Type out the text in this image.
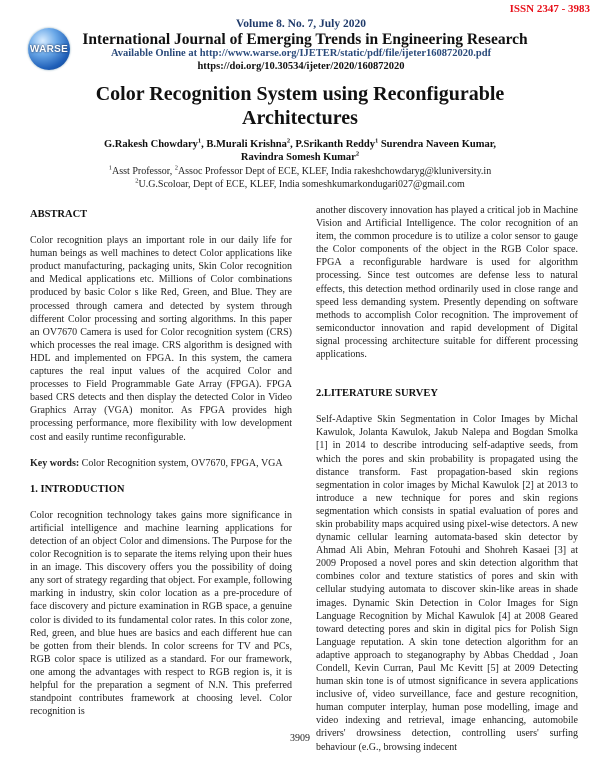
ISSN 2347 - 3983
WARSE
Volume 8. No. 7, July 2020
International Journal of Emerging Trends in Engineering Research
Available Online at http://www.warse.org/IJETER/static/pdf/file/ijeter160872020.pdf
https://doi.org/10.30534/ijeter/2020/160872020
Color Recognition System using Reconfigurable Architectures
G.Rakesh Chowdary$^1$, B.Murali Krishna$^2$, P.Srikanth Reddy$^1$ Surendra Naveen Kumar,
Ravindra Somesh Kumar$^2$
$^1$Asst Professor, $^2$Assoc Professor Dept of ECE, KLEF, India rakeshchowdaryg@kluniversity.in
$^2$U.G.Scoloar, Dept of ECE, KLEF, India someshkumarkondugari027@gmail.com
ABSTRACT

Color recognition plays an important role in our daily life for human beings as well machines to detect Color applications like product manufacturing, packaging units, Skin Color recognition and Medical applications etc. Millions of Color combinations produced by basic Color s like Red, Green, and Blue. They are processed through camera and detected by system through different Color processing and sorting algorithms. In this paper an OV7670 Camera is used for Color recognition system (CRS) which processes the real image. CRS algorithm is designed with HDL and implemented on FPGA. In this system, the camera captures the real input values of the acquired Color and processes to Field Programmable Gate Array (FPGA). FPGA based CRS detects and then display the detected Color in Video Graphics Array (VGA) monitor. As FPGA provides high processing performance, more flexibility with low development cost and easily runtime reconfigurable.

Key words: Color Recognition system, OV7670, FPGA, VGA

1. INTRODUCTION

Color recognition technology takes gains more significance in artificial intelligence and machine learning applications for detection of an object Color and dimensions. The Purpose for the color Recognition is to separate the items relying upon their hues in an image. This discovery offers you the possibility of doing any sort of strategy regarding that object. For example, following marking in industry, skin color location as a pre-procedure of face discovery and picture examination in RGB space, a genuine color is divided to its fundamental color rates. In this color zone, Red, green, and blue hues are basics and each different hue can be gotten from their blends. In color screens for TV and PCs, RGB color space is utilized as a standard. For our framework, one among the advantages with respect to RGB region is, it is helpful for the preparation a segment of N.N. This preferred standpoint contributes framework at choosing level. Color recognition is

another discovery innovation has played a critical job in Machine Vision and Artificial Intelligence. The color recognition of an item, the common procedure is to utilize a color sensor to gauge the Color components of the object in the RGB Color space. FPGA a reconfigurable hardware is used for algorithm processing. Since test outcomes are defense less to natural effects, this detection method ordinarily used in close range and speed less demanding system. Presently depending on software methods to accomplish Color recognition. The improvement of semiconductor innovation and rapid development of Digital signal processing architecture suitable for different processing applications.

2.LITERATURE SURVEY

Self-Adaptive Skin Segmentation in Color Images by Michal Kawulok, Jolanta Kawulok, Jakub Nalepa and Bogdan Smolka [1] in 2014 to describe introducing self-adaptive seeds, from which the pores and skin probability is propagated using the distance transform. Fast propagation-based skin regions segmentation in color images by Michal Kawulok [2] at 2013 to introduce a new technique for pores and skin regions segmentation which consists in spatial evaluation of pores and skin probability maps acquired using pixel-wise detectors. A new dynamic cellular learning automata-based skin detector by Ahmad Ali Abin, Mehran Fotouhi and Shohreh Kasaei [3] at 2009 Proposed a novel pores and skin detection algorithm that combines color and texture statistics of pores and skin with cellular studying automata to discover skin-like areas in shade images. Dynamic Skin Detection in Color Images for Sign Language Recognition by Michal Kawulok [4] at 2008 Geared toward detecting pores and skin in digital pics for Polish Sign Language reputation. A skin tone detection algorithm for an adaptive approach to steganography by Abbas Cheddad , Joan Condell, Kevin Curran, Paul Mc Kevitt [5] at 2009 Detecting human skin tone is of utmost significance in severa applications inclusive of, video surveillance, face and gesture recognition, human computer interplay, human pose modelling, image and video indexing and retrieval, image enhancing, automobile drivers' drowsiness detection, controlling users' surfing behaviour (e.G., browsing indecent

3909
